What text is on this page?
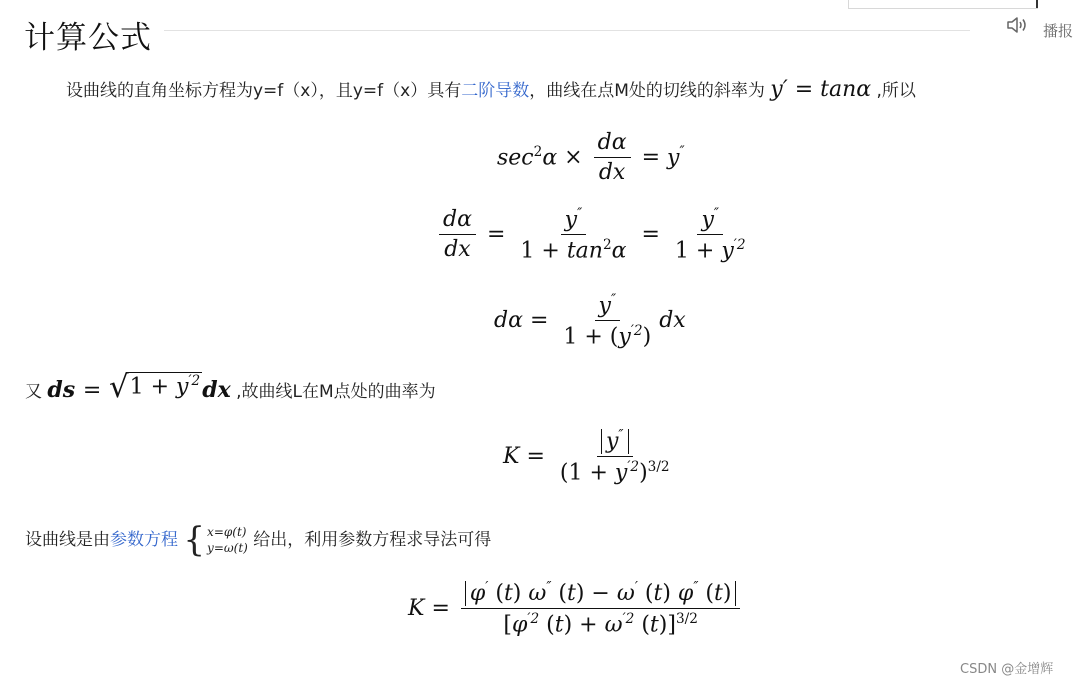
计算公式	播报
设曲线的直角坐标方程为y=f（x），且y=f（x）具有二阶导数，曲线在点M处的切线的斜率为 y′ = tanα ,所以
$\sec^2\alpha \times \frac{d\alpha}{dx} = y''$
$\frac{d\alpha}{dx} = \frac{y''}{1 + \tan^2\alpha} = \frac{y''}{1 + y^{'2}}$
$d\alpha = \frac{y''}{1 + (y^{'2})}$ dx
又 ds = √ $1 + y^{'2}$ dx ,故曲线L在M点处的曲率为
$K = \frac{y''}{(1 + y^{'2})^{3/2}}$
设曲线是由参数方程 { x=φ(t)
y=ω(t) 给出，利用参数方程求导法可得
$K = \frac{\varphi' (t) \omega'' (t) - \omega' (t) \varphi'' (t)}{[\varphi^{'2} (t) + \omega^{'2} (t)]^{3/2}}$
CSDN @金增辉
